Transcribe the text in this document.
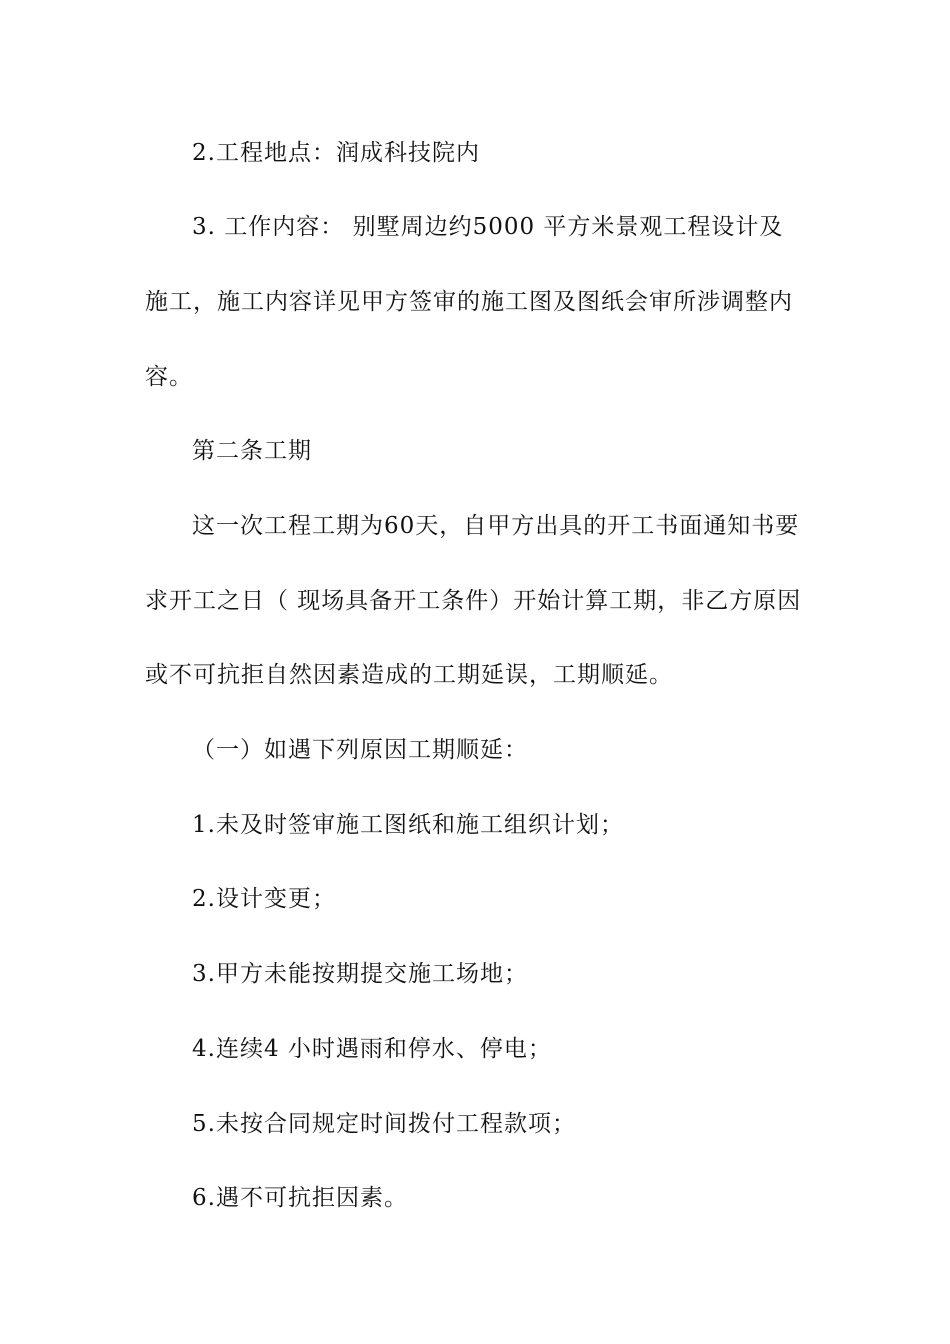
2.工程地点：润成科技院内
3. 工作内容： 别墅周边约5000 平方米景观工程设计及
施工，施工内容详见甲方签审的施工图及图纸会审所涉调整内
容。
第二条工期
这一次工程工期为60天，自甲方出具的开工书面通知书要
求开工之日（ 现场具备开工条件）开始计算工期，非乙方原因
或不可抗拒自然因素造成的工期延误，工期顺延。
（一）如遇下列原因工期顺延：
1.未及时签审施工图纸和施工组织计划；
2.设计变更；
3.甲方未能按期提交施工场地；
4.连续4 小时遇雨和停水、停电；
5.未按合同规定时间拨付工程款项；
6.遇不可抗拒因素。
